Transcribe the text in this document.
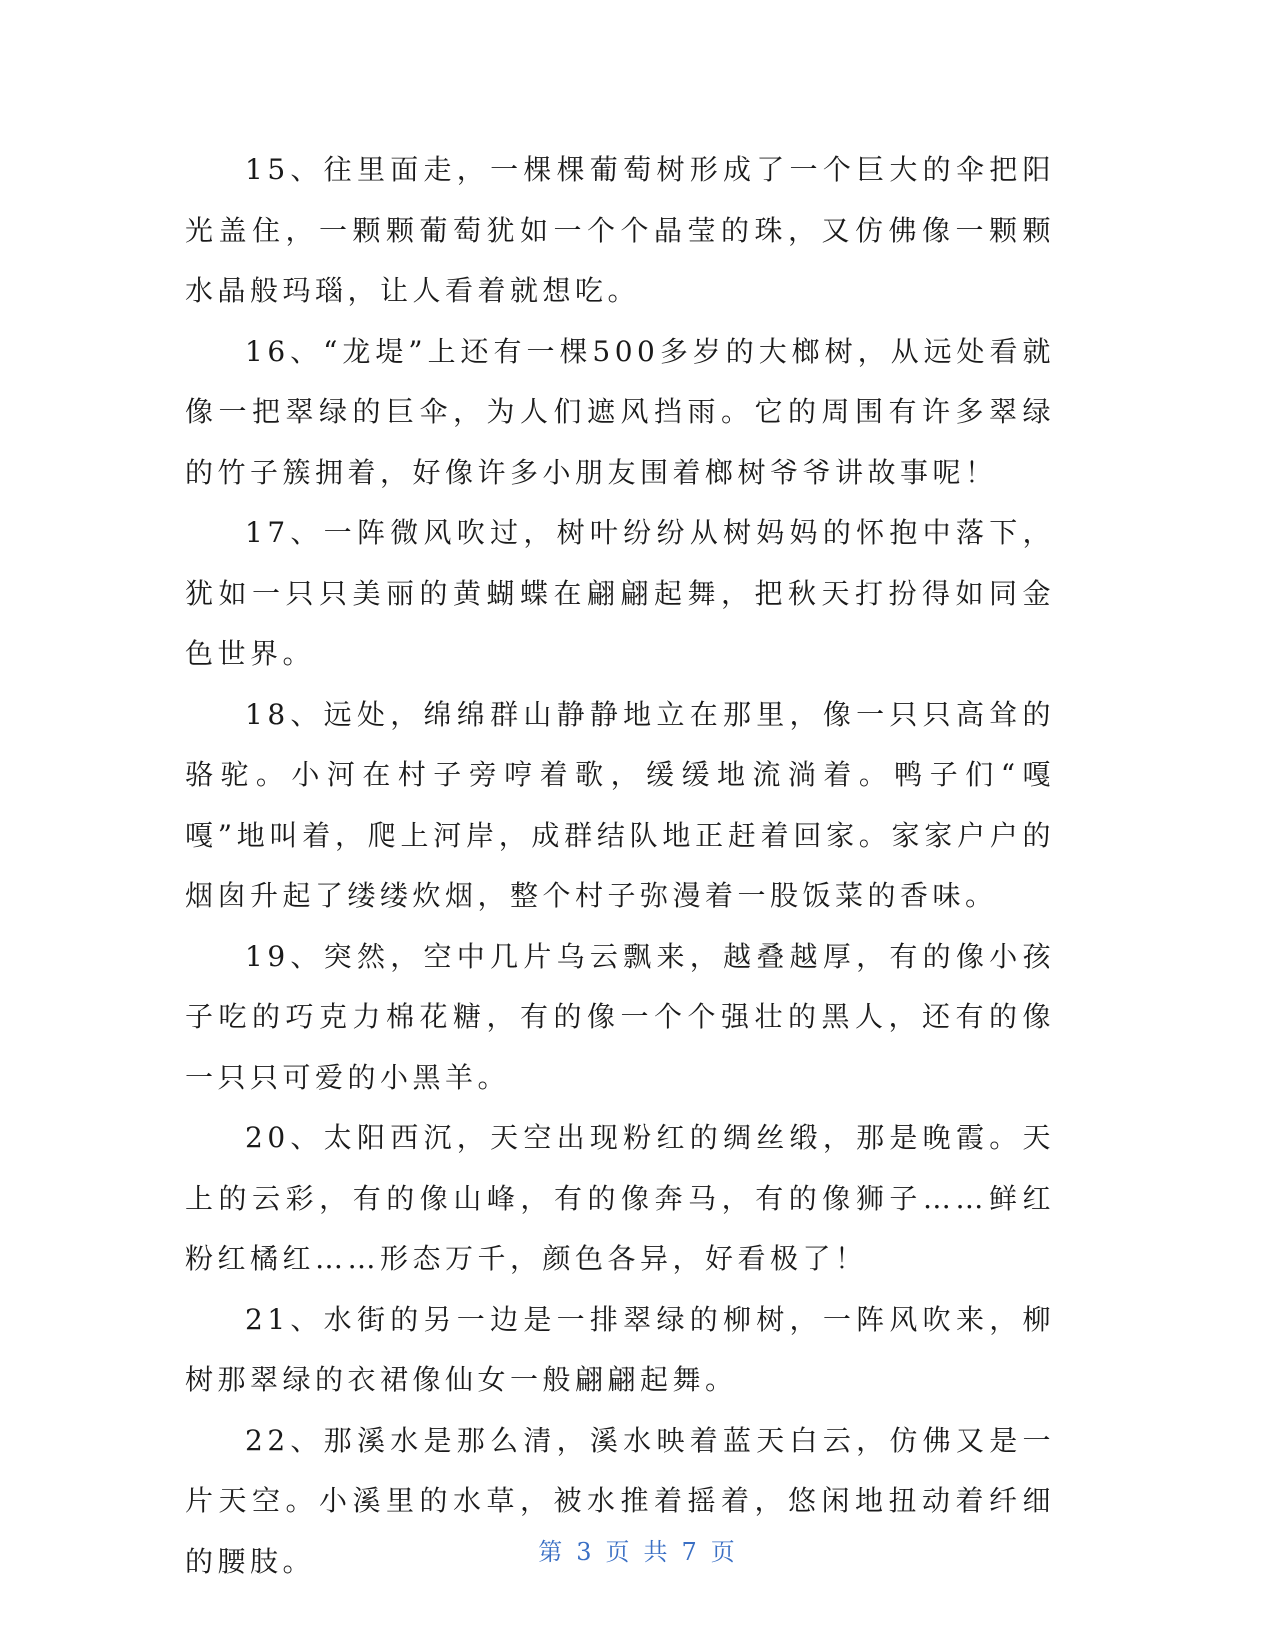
15、往里面走，一棵棵葡萄树形成了一个巨大的伞把阳光盖住，一颗颗葡萄犹如一个个晶莹的珠，又仿佛像一颗颗水晶般玛瑙，让人看着就想吃。

16、“龙堤”上还有一棵500多岁的大榔树，从远处看就像一把翠绿的巨伞，为人们遮风挡雨。它的周围有许多翠绿的竹子簇拥着，好像许多小朋友围着榔树爷爷讲故事呢！

17、一阵微风吹过，树叶纷纷从树妈妈的怀抱中落下，犹如一只只美丽的黄蝴蝶在翩翩起舞，把秋天打扮得如同金色世界。

18、远处，绵绵群山静静地立在那里，像一只只高耸的骆驼。小河在村子旁哼着歌，缓缓地流淌着。鸭子们“嘎嘎”地叫着，爬上河岸，成群结队地正赶着回家。家家户户的烟囱升起了缕缕炊烟，整个村子弥漫着一股饭菜的香味。

19、突然，空中几片乌云飘来，越叠越厚，有的像小孩子吃的巧克力棉花糖，有的像一个个强壮的黑人，还有的像一只只可爱的小黑羊。

20、太阳西沉，天空出现粉红的绸丝缎，那是晚霞。天上的云彩，有的像山峰，有的像奔马，有的像狮子……鲜红粉红橘红……形态万千，颜色各异，好看极了！

21、水街的另一边是一排翠绿的柳树，一阵风吹来，柳树那翠绿的衣裙像仙女一般翩翩起舞。

22、那溪水是那么清，溪水映着蓝天白云，仿佛又是一片天空。小溪里的水草，被水推着摇着，悠闲地扭动着纤细的腰肢。	第 3 页 共 7 页
